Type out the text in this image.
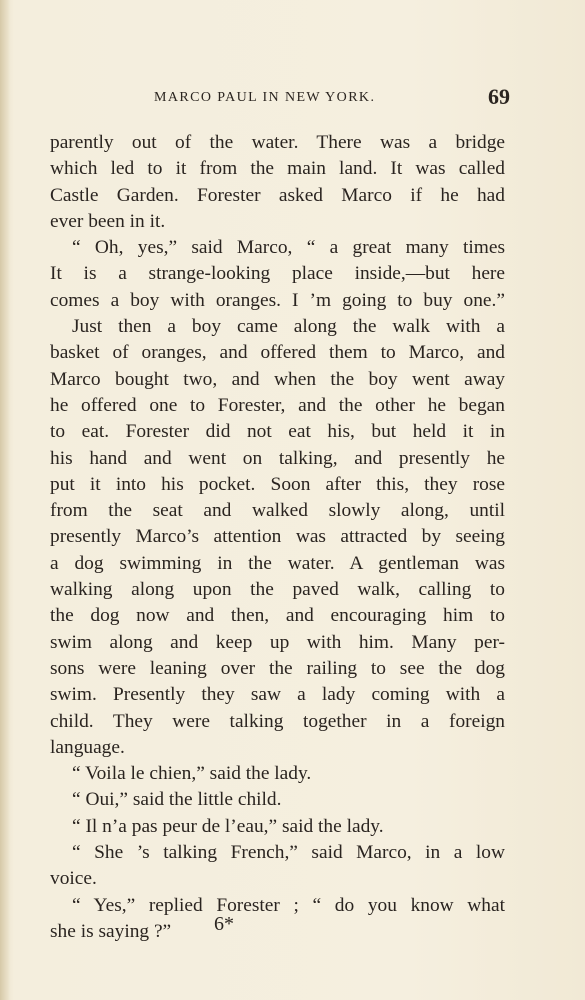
MARCO PAUL IN NEW YORK.	69
parently out of the water. There was a bridge
which led to it from the main land. It was called
Castle Garden. Forester asked Marco if he had
ever been in it.
“ Oh, yes,” said Marco, “ a great many times
It is a strange-looking place inside,—but here
comes a boy with oranges. I ’m going to buy one.”
Just then a boy came along the walk with a
basket of oranges, and offered them to Marco, and
Marco bought two, and when the boy went away
he offered one to Forester, and the other he began
to eat. Forester did not eat his, but held it in
his hand and went on talking, and presently he
put it into his pocket. Soon after this, they rose
from the seat and walked slowly along, until
presently Marco’s attention was attracted by seeing
a dog swimming in the water. A gentleman was
walking along upon the paved walk, calling to
the dog now and then, and encouraging him to
swim along and keep up with him. Many per-
sons were leaning over the railing to see the dog
swim. Presently they saw a lady coming with a
child. They were talking together in a foreign
language.
“ Voila le chien,” said the lady.
“ Oui,” said the little child.
“ Il n’a pas peur de l’eau,” said the lady.
“ She ’s talking French,” said Marco, in a low
voice.
“ Yes,” replied Forester ; “ do you know what
she is saying ?”	6*
